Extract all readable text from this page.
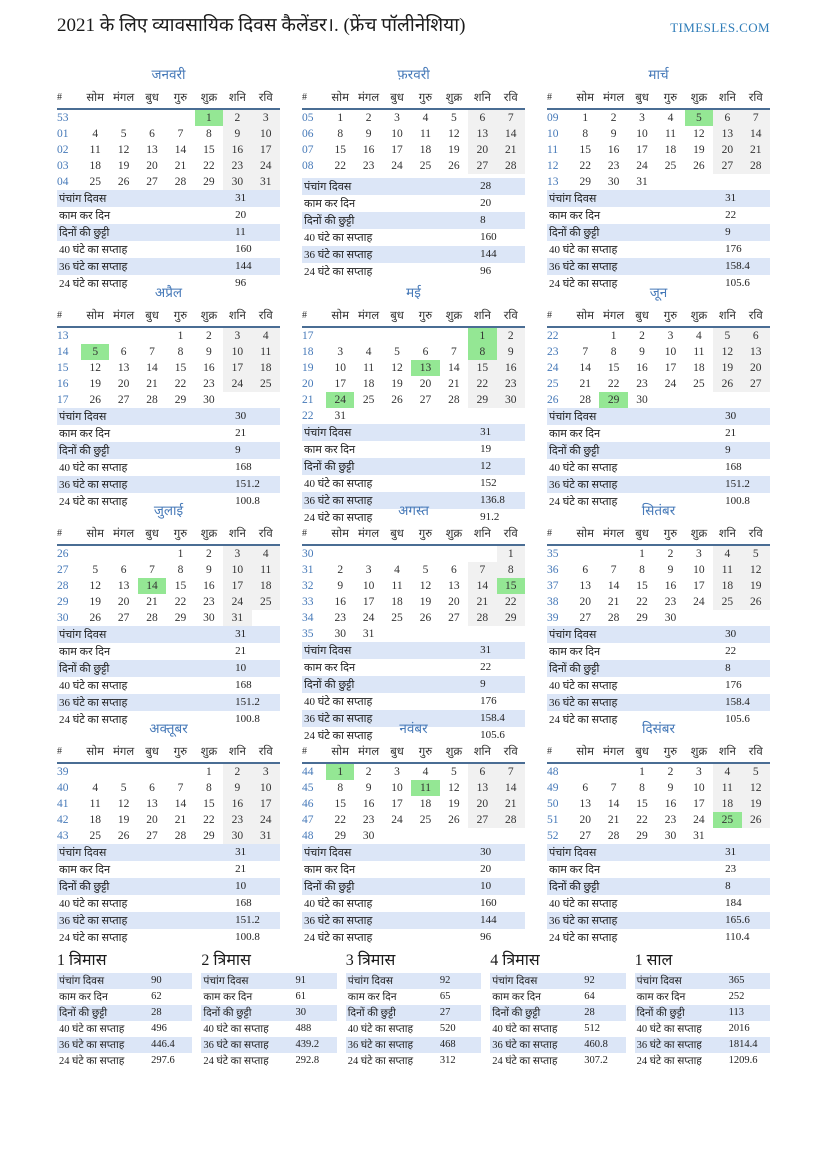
2021 के लिए व्यावसायिक दिवस कैलेंडर।. (फ्रेंच पॉलीनेशिया)	TIMESLES.COM
जनवरी
#	सोम	मंगल	बुध	गुरु	शुक्र	शनि	रवि
53					1	2	3
01	4	5	6	7	8	9	10
02	11	12	13	14	15	16	17
03	18	19	20	21	22	23	24
04	25	26	27	28	29	30	31
पंचांग दिवस	31
काम कर दिन	20
दिनों की छुट्टी	11
40 घंटे का सप्ताह	160
36 घंटे का सप्ताह	144
24 घंटे का सप्ताह	96
फ़रवरी
#	सोम	मंगल	बुध	गुरु	शुक्र	शनि	रवि
05	1	2	3	4	5	6	7
06	8	9	10	11	12	13	14
07	15	16	17	18	19	20	21
08	22	23	24	25	26	27	28
पंचांग दिवस	28
काम कर दिन	20
दिनों की छुट्टी	8
40 घंटे का सप्ताह	160
36 घंटे का सप्ताह	144
24 घंटे का सप्ताह	96
मार्च
#	सोम	मंगल	बुध	गुरु	शुक्र	शनि	रवि
09	1	2	3	4	5	6	7
10	8	9	10	11	12	13	14
11	15	16	17	18	19	20	21
12	22	23	24	25	26	27	28
13	29	30	31				
पंचांग दिवस	31
काम कर दिन	22
दिनों की छुट्टी	9
40 घंटे का सप्ताह	176
36 घंटे का सप्ताह	158.4
24 घंटे का सप्ताह	105.6
अप्रैल
#	सोम	मंगल	बुध	गुरु	शुक्र	शनि	रवि
13				1	2	3	4
14	5	6	7	8	9	10	11
15	12	13	14	15	16	17	18
16	19	20	21	22	23	24	25
17	26	27	28	29	30		
पंचांग दिवस	30
काम कर दिन	21
दिनों की छुट्टी	9
40 घंटे का सप्ताह	168
36 घंटे का सप्ताह	151.2
24 घंटे का सप्ताह	100.8
मई
#	सोम	मंगल	बुध	गुरु	शुक्र	शनि	रवि
17						1	2
18	3	4	5	6	7	8	9
19	10	11	12	13	14	15	16
20	17	18	19	20	21	22	23
21	24	25	26	27	28	29	30
22	31						
पंचांग दिवस	31
काम कर दिन	19
दिनों की छुट्टी	12
40 घंटे का सप्ताह	152
36 घंटे का सप्ताह	136.8
24 घंटे का सप्ताह	91.2
जून
#	सोम	मंगल	बुध	गुरु	शुक्र	शनि	रवि
22		1	2	3	4	5	6
23	7	8	9	10	11	12	13
24	14	15	16	17	18	19	20
25	21	22	23	24	25	26	27
26	28	29	30				
पंचांग दिवस	30
काम कर दिन	21
दिनों की छुट्टी	9
40 घंटे का सप्ताह	168
36 घंटे का सप्ताह	151.2
24 घंटे का सप्ताह	100.8
जुलाई
#	सोम	मंगल	बुध	गुरु	शुक्र	शनि	रवि
26				1	2	3	4
27	5	6	7	8	9	10	11
28	12	13	14	15	16	17	18
29	19	20	21	22	23	24	25
30	26	27	28	29	30	31	
पंचांग दिवस	31
काम कर दिन	21
दिनों की छुट्टी	10
40 घंटे का सप्ताह	168
36 घंटे का सप्ताह	151.2
24 घंटे का सप्ताह	100.8
अगस्त
#	सोम	मंगल	बुध	गुरु	शुक्र	शनि	रवि
30							1
31	2	3	4	5	6	7	8
32	9	10	11	12	13	14	15
33	16	17	18	19	20	21	22
34	23	24	25	26	27	28	29
35	30	31					
पंचांग दिवस	31
काम कर दिन	22
दिनों की छुट्टी	9
40 घंटे का सप्ताह	176
36 घंटे का सप्ताह	158.4
24 घंटे का सप्ताह	105.6
सितंबर
#	सोम	मंगल	बुध	गुरु	शुक्र	शनि	रवि
35			1	2	3	4	5
36	6	7	8	9	10	11	12
37	13	14	15	16	17	18	19
38	20	21	22	23	24	25	26
39	27	28	29	30			
पंचांग दिवस	30
काम कर दिन	22
दिनों की छुट्टी	8
40 घंटे का सप्ताह	176
36 घंटे का सप्ताह	158.4
24 घंटे का सप्ताह	105.6
अक्तूबर
#	सोम	मंगल	बुध	गुरु	शुक्र	शनि	रवि
39					1	2	3
40	4	5	6	7	8	9	10
41	11	12	13	14	15	16	17
42	18	19	20	21	22	23	24
43	25	26	27	28	29	30	31
पंचांग दिवस	31
काम कर दिन	21
दिनों की छुट्टी	10
40 घंटे का सप्ताह	168
36 घंटे का सप्ताह	151.2
24 घंटे का सप्ताह	100.8
नवंबर
#	सोम	मंगल	बुध	गुरु	शुक्र	शनि	रवि
44	1	2	3	4	5	6	7
45	8	9	10	11	12	13	14
46	15	16	17	18	19	20	21
47	22	23	24	25	26	27	28
48	29	30					
पंचांग दिवस	30
काम कर दिन	20
दिनों की छुट्टी	10
40 घंटे का सप्ताह	160
36 घंटे का सप्ताह	144
24 घंटे का सप्ताह	96
दिसंबर
#	सोम	मंगल	बुध	गुरु	शुक्र	शनि	रवि
48			1	2	3	4	5
49	6	7	8	9	10	11	12
50	13	14	15	16	17	18	19
51	20	21	22	23	24	25	26
52	27	28	29	30	31		
पंचांग दिवस	31
काम कर दिन	23
दिनों की छुट्टी	8
40 घंटे का सप्ताह	184
36 घंटे का सप्ताह	165.6
24 घंटे का सप्ताह	110.4
1 त्रिमास
पंचांग दिवस	90
काम कर दिन	62
दिनों की छुट्टी	28
40 घंटे का सप्ताह	496
36 घंटे का सप्ताह	446.4
24 घंटे का सप्ताह	297.6
2 त्रिमास
पंचांग दिवस	91
काम कर दिन	61
दिनों की छुट्टी	30
40 घंटे का सप्ताह	488
36 घंटे का सप्ताह	439.2
24 घंटे का सप्ताह	292.8
3 त्रिमास
पंचांग दिवस	92
काम कर दिन	65
दिनों की छुट्टी	27
40 घंटे का सप्ताह	520
36 घंटे का सप्ताह	468
24 घंटे का सप्ताह	312
4 त्रिमास
पंचांग दिवस	92
काम कर दिन	64
दिनों की छुट्टी	28
40 घंटे का सप्ताह	512
36 घंटे का सप्ताह	460.8
24 घंटे का सप्ताह	307.2
1 साल
पंचांग दिवस	365
काम कर दिन	252
दिनों की छुट्टी	113
40 घंटे का सप्ताह	2016
36 घंटे का सप्ताह	1814.4
24 घंटे का सप्ताह	1209.6
